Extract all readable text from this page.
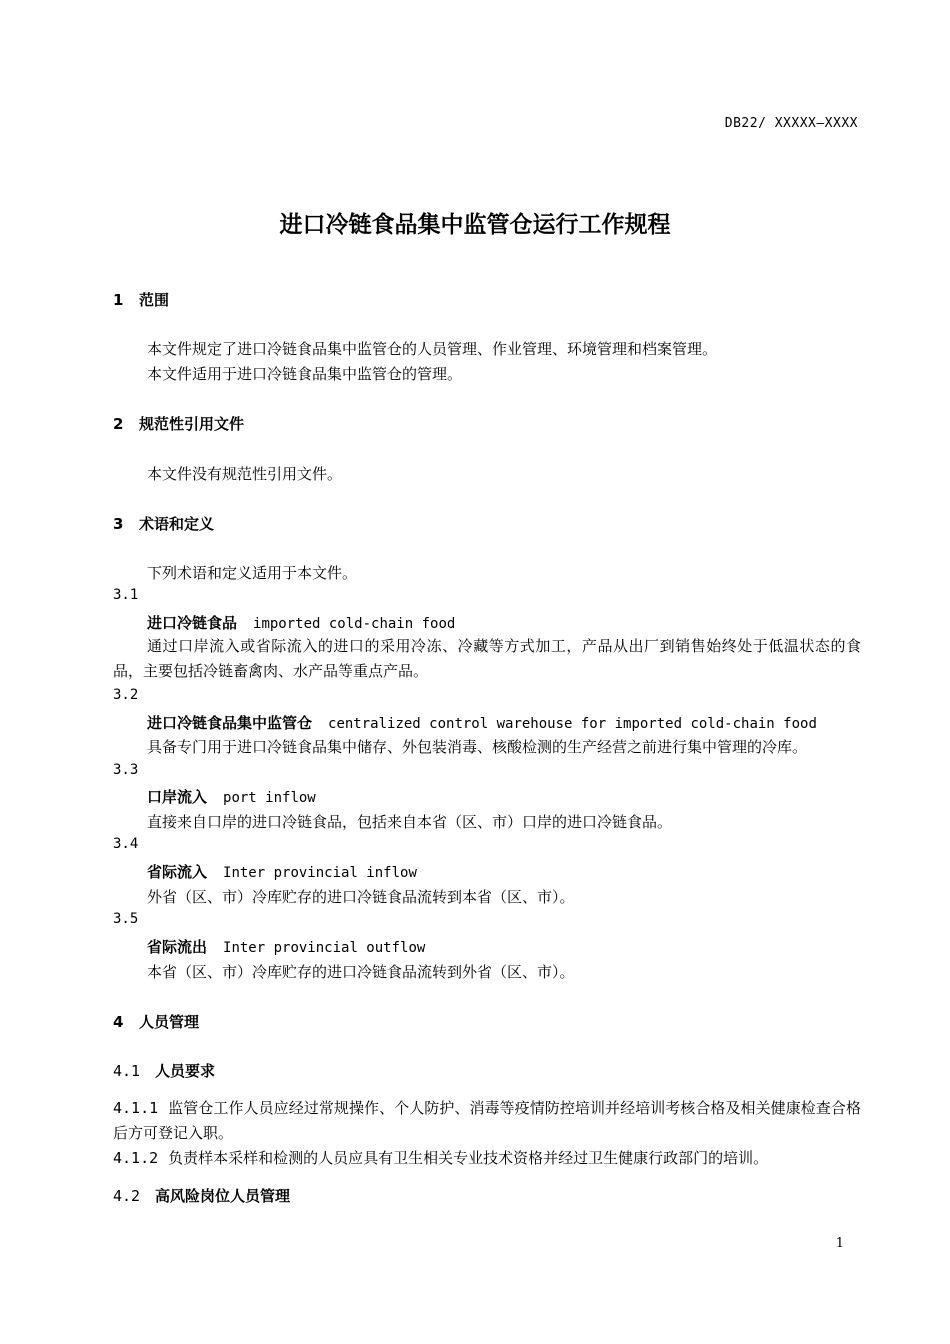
DB22/ XXXXX—XXXX
进口冷链食品集中监管仓运行工作规程
1 范围
本文件规定了进口冷链食品集中监管仓的人员管理、作业管理、环境管理和档案管理。
本文件适用于进口冷链食品集中监管仓的管理。
2 规范性引用文件
本文件没有规范性引用文件。
3 术语和定义
下列术语和定义适用于本文件。
3.1
进口冷链食品 imported cold-chain food
通过口岸流入或省际流入的进口的采用冷冻、冷藏等方式加工，产品从出厂到销售始终处于低温状态的食品，主要包括冷链畜禽肉、水产品等重点产品。
3.2
进口冷链食品集中监管仓 centralized control warehouse for imported cold-chain food
具备专门用于进口冷链食品集中储存、外包装消毒、核酸检测的生产经营之前进行集中管理的冷库。
3.3
口岸流入 port inflow
直接来自口岸的进口冷链食品，包括来自本省（区、市）口岸的进口冷链食品。
3.4
省际流入 Inter provincial inflow
外省（区、市）冷库贮存的进口冷链食品流转到本省（区、市）。
3.5
省际流出 Inter provincial outflow
本省（区、市）冷库贮存的进口冷链食品流转到外省（区、市）。
4 人员管理
4.1 人员要求
4.1.1 监管仓工作人员应经过常规操作、个人防护、消毒等疫情防控培训并经培训考核合格及相关健康检查合格后方可登记入职。
4.1.2 负责样本采样和检测的人员应具有卫生相关专业技术资格并经过卫生健康行政部门的培训。
4.2 高风险岗位人员管理
1
